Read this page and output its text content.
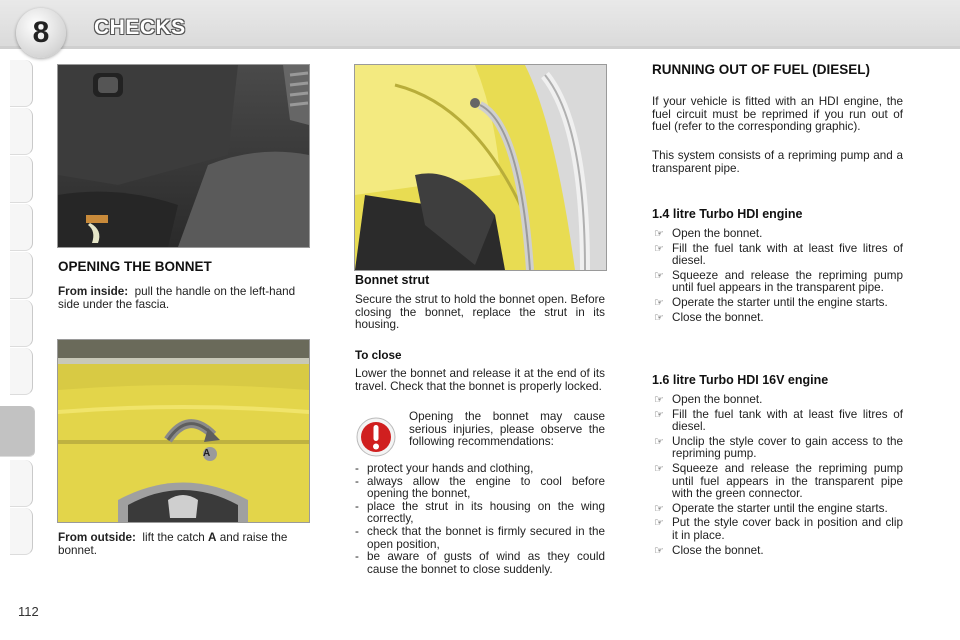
8	CHECKS
OPENING THE BONNET
From inside: pull the handle on the left-hand side under the fascia.
A
From outside: lift the catch A and raise the bonnet.
Bonnet strut
Secure the strut to hold the bonnet open. Before closing the bonnet, replace the strut in its housing.
To close
Lower the bonnet and release it at the end of its travel. Check that the bonnet is properly locked.
Opening the bonnet may cause serious injuries, please observe the following recommendations:
- protect your hands and clothing,
- always allow the engine to cool before opening the bonnet,
- place the strut in its housing on the wing correctly,
- check that the bonnet is firmly secured in the open position,
- be aware of gusts of wind as they could cause the bonnet to close suddenly.
RUNNING OUT OF FUEL (DIESEL)
If your vehicle is fitted with an HDI engine, the fuel circuit must be reprimed if you run out of fuel (refer to the corresponding graphic).
This system consists of a repriming pump and a transparent pipe.
1.4 litre Turbo HDI engine
☞ Open the bonnet.
☞ Fill the fuel tank with at least five litres of diesel.
☞ Squeeze and release the repriming pump until fuel appears in the transparent pipe.
☞ Operate the starter until the engine starts.
☞ Close the bonnet.
1.6 litre Turbo HDI 16V engine
☞ Open the bonnet.
☞ Fill the fuel tank with at least five litres of diesel.
☞ Unclip the style cover to gain access to the repriming pump.
☞ Squeeze and release the repriming pump until fuel appears in the transparent pipe with the green connector.
☞ Operate the starter until the engine starts.
☞ Put the style cover back in position and clip it in place.
☞ Close the bonnet.
112
